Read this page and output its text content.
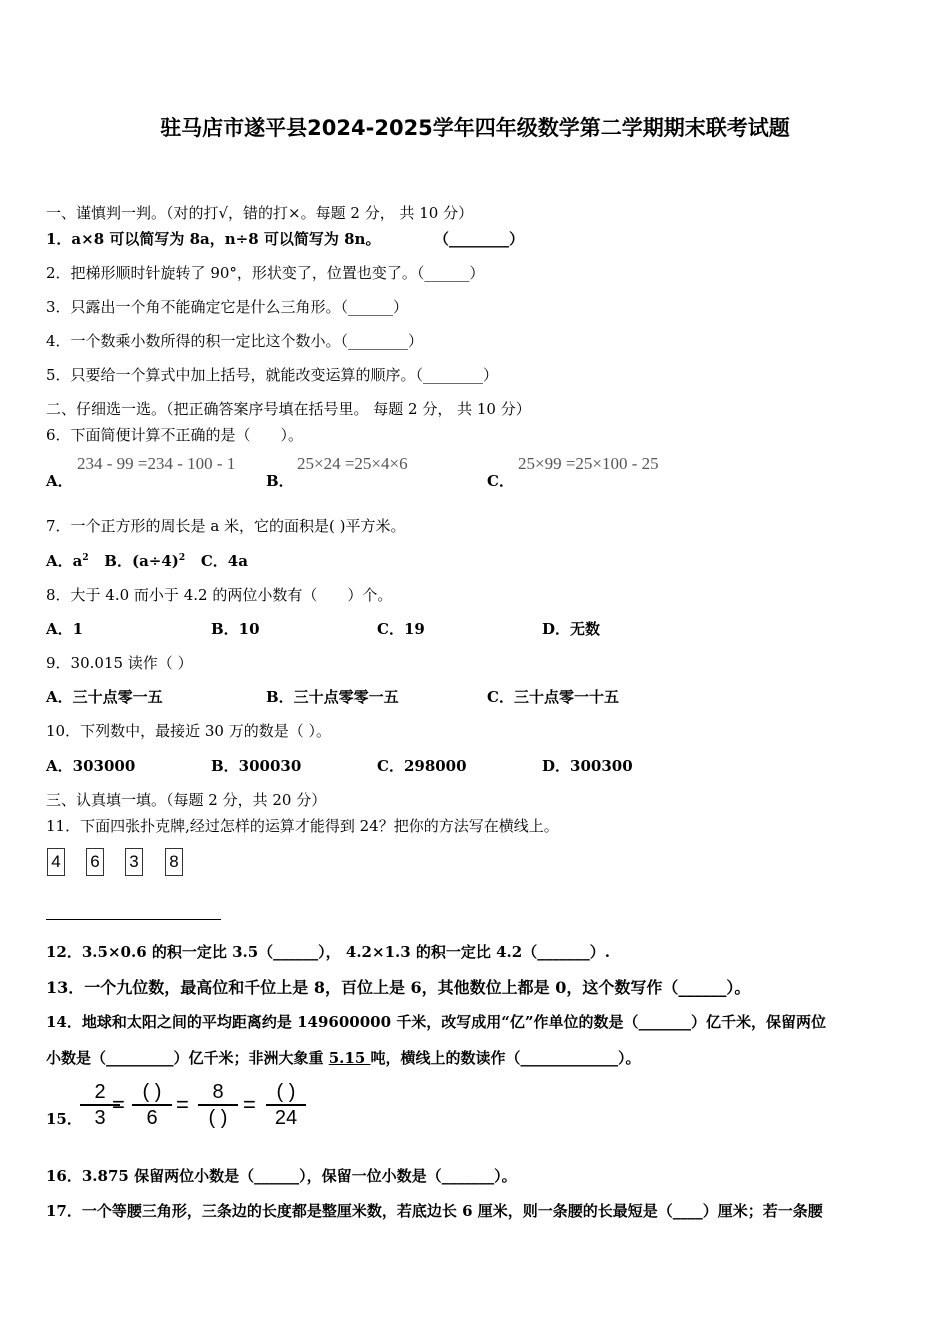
驻马店市遂平县2024-2025学年四年级数学第二学期期末联考试题
一、谨慎判一判。（对的打√，错的打×。每题 2 分， 共 10 分）
1．a×8 可以简写为 8a，n÷8 可以简写为 8n。	（________）
2．把梯形顺时针旋转了 90°，形状变了，位置也变了。（______）
3．只露出一个角不能确定它是什么三角形。（______）
4．一个数乘小数所得的积一定比这个数小。（________）
5．只要给一个算式中加上括号，就能改变运算的顺序。（________）
二、仔细选一选。（把正确答案序号填在括号里。 每题 2 分， 共 10 分）
6．下面简便计算不正确的是（　　）。
A．
234 - 99 =234 - 100 - 1
B．
25×24 =25×4×6
C．
25×99 =25×100 - 25
7．一个正方形的周长是 a 米，它的面积是( )平方米。
A．$a^2$ B．$(a\div 4)^2$ C．4a
8．大于 4.0 而小于 4.2 的两位小数有（　　）个。
A．1	B．10	C．19	D．无数
9．30.015 读作（ ）
A．三十点零一五	B．三十点零零一五	C．三十点零一十五
10．下列数中，最接近 30 万的数是（ ）。
A．303000	B．300030	C．298000	D．300300
三、认真填一填。（每题 2 分，共 20 分）
11．下面四张扑克牌,经过怎样的运算才能得到 24？把你的方法写在横线上。
4 6 3 8
12．3.5×0.6 的积一定比 3.5（______）， 4.2×1.3 的积一定比 4.2（_______）.
13．一个九位数，最高位和千位上是 8，百位上是 6，其他数位上都是 0，这个数写作（______）。
14．地球和太阳之间的平均距离约是 149600000 千米，改写成用“亿”作单位的数是（_______）亿千米，保留两位
小数是（_________）亿千米；非洲大象重 5.15 吨，横线上的数读作（_____________）。
15．
$\frac{2}{3}$
= ( )
6
=	8
( )
=	( )
24
16．3.875 保留两位小数是（______），保留一位小数是（_______）。
17．一个等腰三角形，三条边的长度都是整厘米数，若底边长 6 厘米，则一条腰的长最短是（____）厘米；若一条腰
